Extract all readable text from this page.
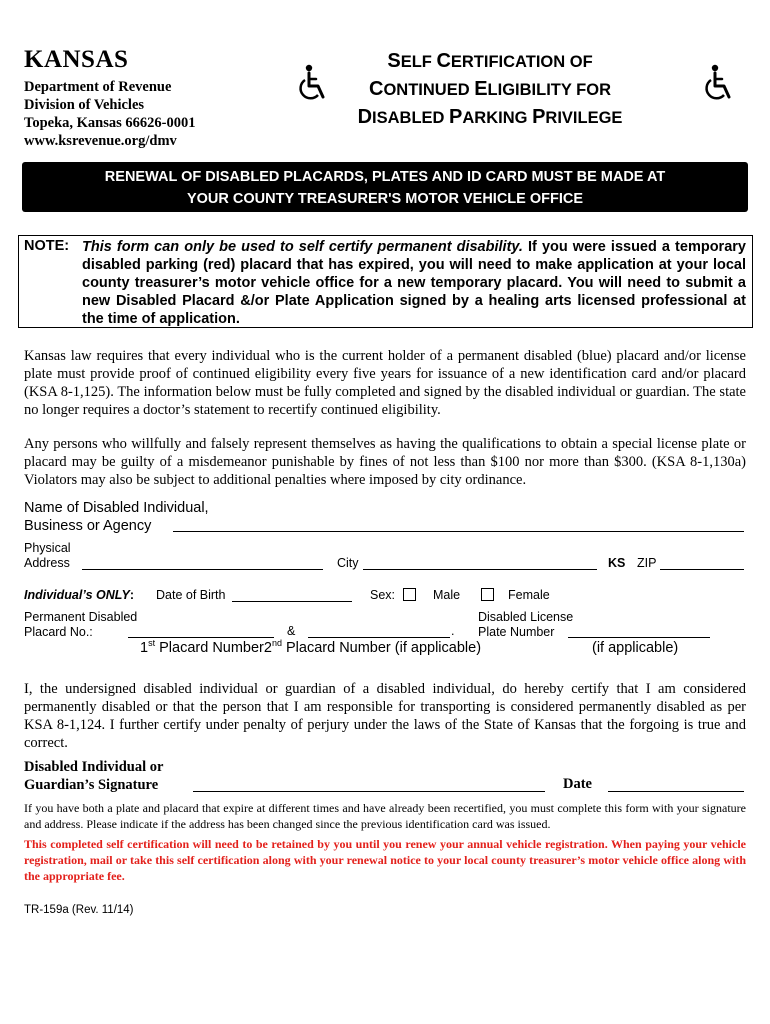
KANSAS
Department of Revenue
Division of Vehicles
Topeka, Kansas 66626-0001
www.ksrevenue.org/dmv
SELF CERTIFICATION OF
CONTINUED ELIGIBILITY FOR
DISABLED PARKING PRIVILEGE
RENEWAL OF DISABLED PLACARDS, PLATES AND ID CARD MUST BE MADE AT
YOUR COUNTY TREASURER'S MOTOR VEHICLE OFFICE
NOTE: This form can only be used to self certify permanent disability. If you were issued a temporary disabled parking (red) placard that has expired, you will need to make application at your local county treasurer’s motor vehicle office for a new temporary placard. You will need to submit a new Disabled Placard &/or Plate Application signed by a healing arts licensed professional at the time of application.
Kansas law requires that every individual who is the current holder of a permanent disabled (blue) placard and/or license plate must provide proof of continued eligibility every five years for issuance of a new identification card and/or placard (KSA 8-1,125). The information below must be fully completed and signed by the disabled individual or guardian. The state no longer requires a doctor’s statement to recertify continued eligibility.
Any persons who willfully and falsely represent themselves as having the qualifications to obtain a special license plate or placard may be guilty of a misdemeanor punishable by fines of not less than $100 nor more than $300. (KSA 8-1,130a) Violators may also be subject to additional penalties where imposed by city ordinance.
Name of Disabled Individual,
Business or Agency
Physical
Address	City	KS ZIP
Individual’s ONLY: Date of Birth	Sex:	Male	Female
Permanent Disabled
Placard No.:	&	.
Disabled License
Plate Number
1st Placard Number2nd Placard Number (if applicable)	(if applicable)
I, the undersigned disabled individual or guardian of a disabled individual, do hereby certify that I am considered permanently disabled or that the person that I am responsible for transporting is considered permanently disabled as per KSA 8-1,124. I further certify under penalty of perjury under the laws of the State of Kansas that the forgoing is true and correct.
Disabled Individual or
Guardian’s Signature	Date
If you have both a plate and placard that expire at different times and have already been recertified, you must complete this form with your signature and address. Please indicate if the address has been changed since the previous identification card was issued.
This completed self certification will need to be retained by you until you renew your annual vehicle registration. When paying your vehicle registration, mail or take this self certification along with your renewal notice to your local county treasurer’s motor vehicle office along with the appropriate fee.
TR-159a (Rev. 11/14)
